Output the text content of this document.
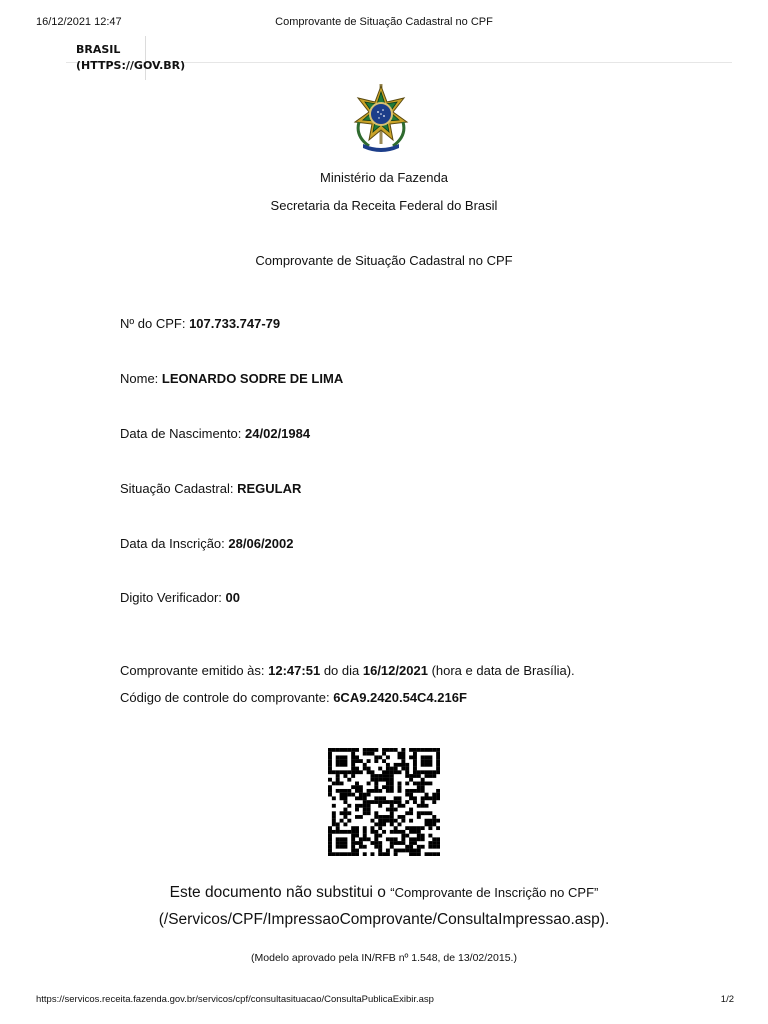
16/12/2021 12:47	Comprovante de Situação Cadastral no CPF
BRASIL
(HTTPS://GOV.BR)
Ministério da Fazenda
Secretaria da Receita Federal do Brasil
Comprovante de Situação Cadastral no CPF
Nº do CPF: 107.733.747-79
Nome: LEONARDO SODRE DE LIMA
Data de Nascimento: 24/02/1984
Situação Cadastral: REGULAR
Data da Inscrição: 28/06/2002
Digito Verificador: 00
Comprovante emitido às: 12:47:51 do dia 16/12/2021 (hora e data de Brasília).
Código de controle do comprovante: 6CA9.2420.54C4.216F
Este documento não substitui o “Comprovante de Inscrição no CPF”
(/Servicos/CPF/ImpressaoComprovante/ConsultaImpressao.asp).
(Modelo aprovado pela IN/RFB nº 1.548, de 13/02/2015.)
https://servicos.receita.fazenda.gov.br/servicos/cpf/consultasituacao/ConsultaPublicaExibir.asp	1/2
